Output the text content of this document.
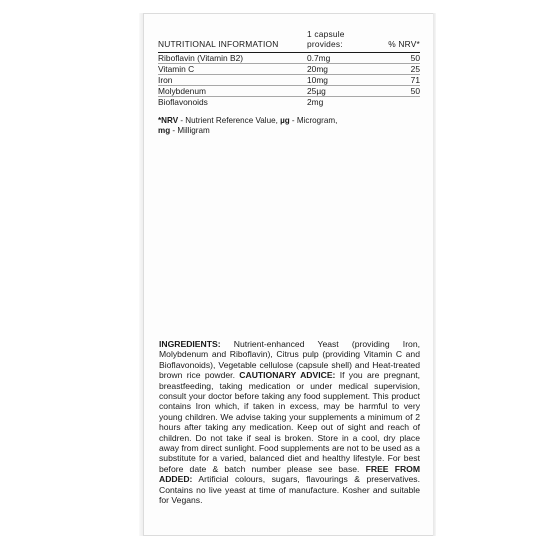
NUTRITIONAL INFORMATION	1 capsule provides:	% NRV*
Riboflavin (Vitamin B2)	0.7mg	50
Vitamin C	20mg	25
Iron	10mg	71
Molybdenum	25µg	50
Bioflavonoids	2mg	
*NRV - Nutrient Reference Value, µg - Microgram,
mg - Milligram
INGREDIENTS: Nutrient-enhanced Yeast (providing Iron, Molybdenum and Riboflavin), Citrus pulp (providing Vitamin C and Bioflavonoids), Vegetable cellulose (capsule shell) and Heat-treated brown rice powder. CAUTIONARY ADVICE: If you are pregnant, breastfeeding, taking medication or under medical supervision, consult your doctor before taking any food supplement. This product contains Iron which, if taken in excess, may be harmful to very young children. We advise taking your supplements a minimum of 2 hours after taking any medication. Keep out of sight and reach of children. Do not take if seal is broken. Store in a cool, dry place away from direct sunlight. Food supplements are not to be used as a substitute for a varied, balanced diet and healthy lifestyle. For best before date & batch number please see base. FREE FROM ADDED: Artificial colours, sugars, flavourings & preservatives. Contains no live yeast at time of manufacture. Kosher and suitable for Vegans.
